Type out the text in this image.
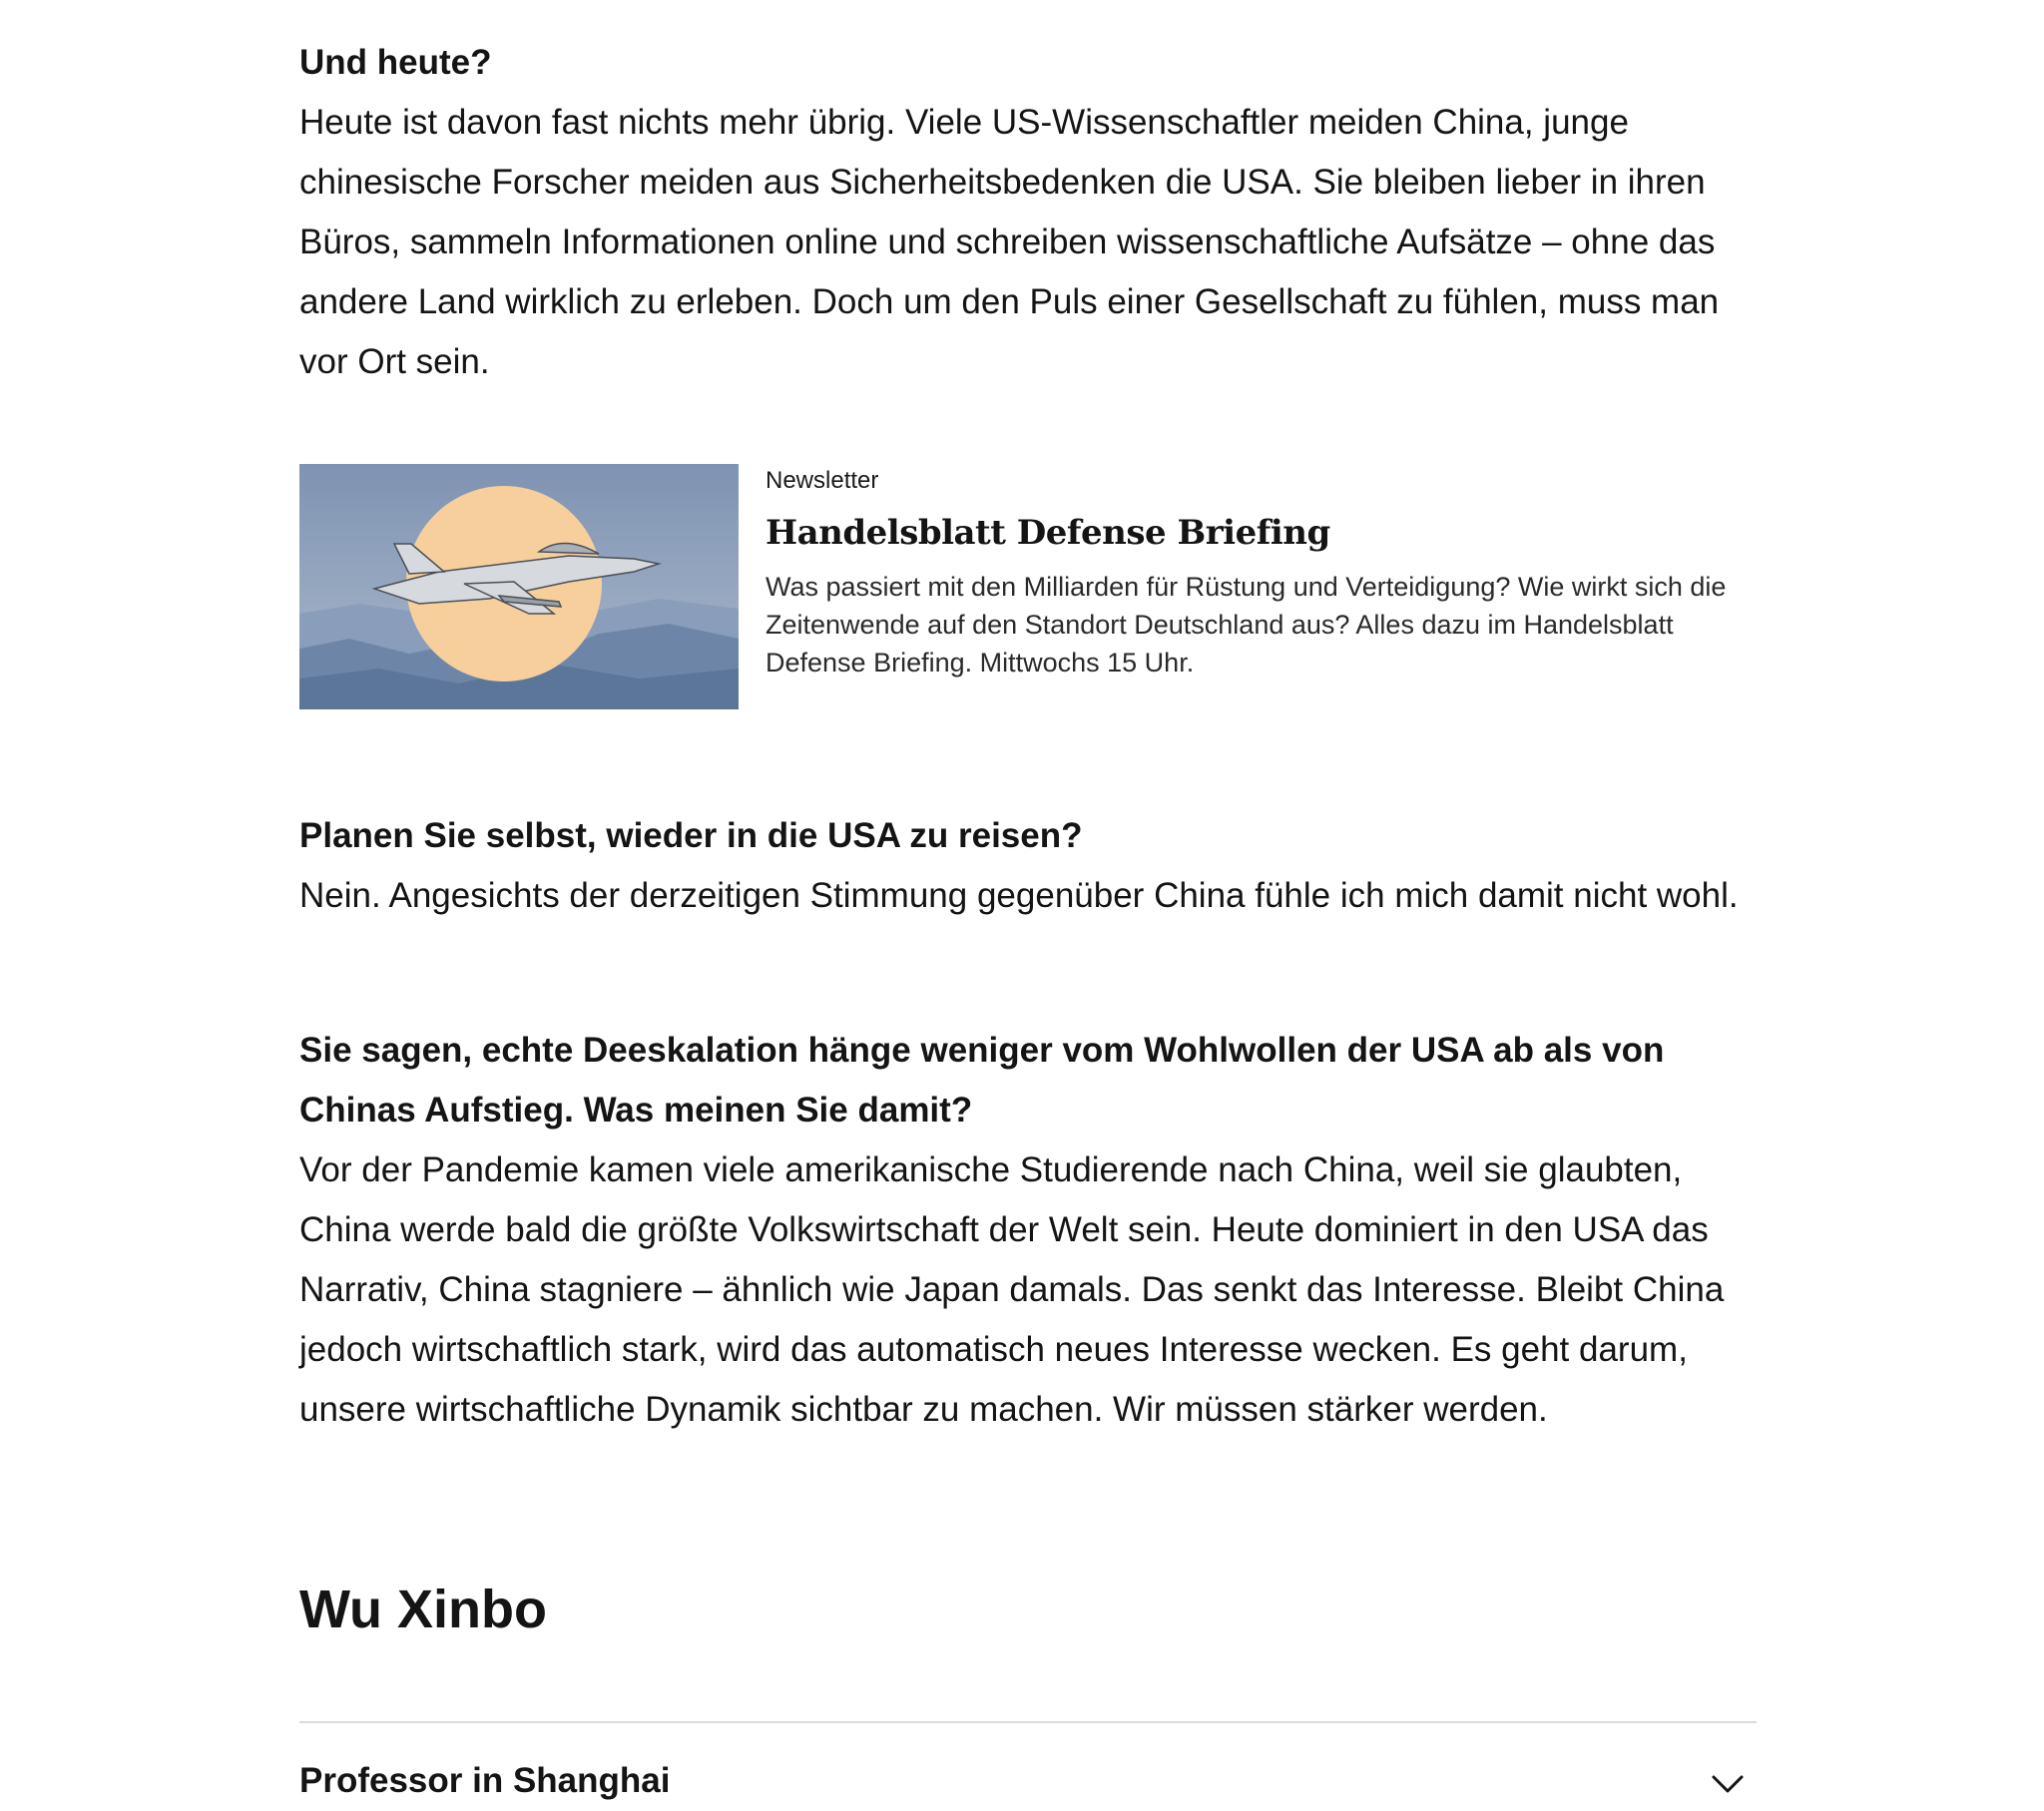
Und heute?
Heute ist davon fast nichts mehr übrig. Viele US-Wissenschaftler meiden China, junge chinesische Forscher meiden aus Sicherheitsbedenken die USA. Sie bleiben lieber in ihren Büros, sammeln Informationen online und schreiben wissenschaftliche Aufsätze – ohne das andere Land wirklich zu erleben. Doch um den Puls einer Gesellschaft zu fühlen, muss man vor Ort sein.
Newsletter
Handelsblatt Defense Briefing
Was passiert mit den Milliarden für Rüstung und Verteidigung? Wie wirkt sich die Zeitenwende auf den Standort Deutschland aus? Alles dazu im Handelsblatt Defense Briefing. Mittwochs 15 Uhr.
Planen Sie selbst, wieder in die USA zu reisen?
Nein. Angesichts der derzeitigen Stimmung gegenüber China fühle ich mich damit nicht wohl.
Sie sagen, echte Deeskalation hänge weniger vom Wohlwollen der USA ab als von Chinas Aufstieg. Was meinen Sie damit?
Vor der Pandemie kamen viele amerikanische Studierende nach China, weil sie glaubten, China werde bald die größte Volkswirtschaft der Welt sein. Heute dominiert in den USA das Narrativ, China stagniere – ähnlich wie Japan damals. Das senkt das Interesse. Bleibt China jedoch wirtschaftlich stark, wird das automatisch neues Interesse wecken. Es geht darum, unsere wirtschaftliche Dynamik sichtbar zu machen. Wir müssen stärker werden.
Wu Xinbo
Professor in Shanghai
